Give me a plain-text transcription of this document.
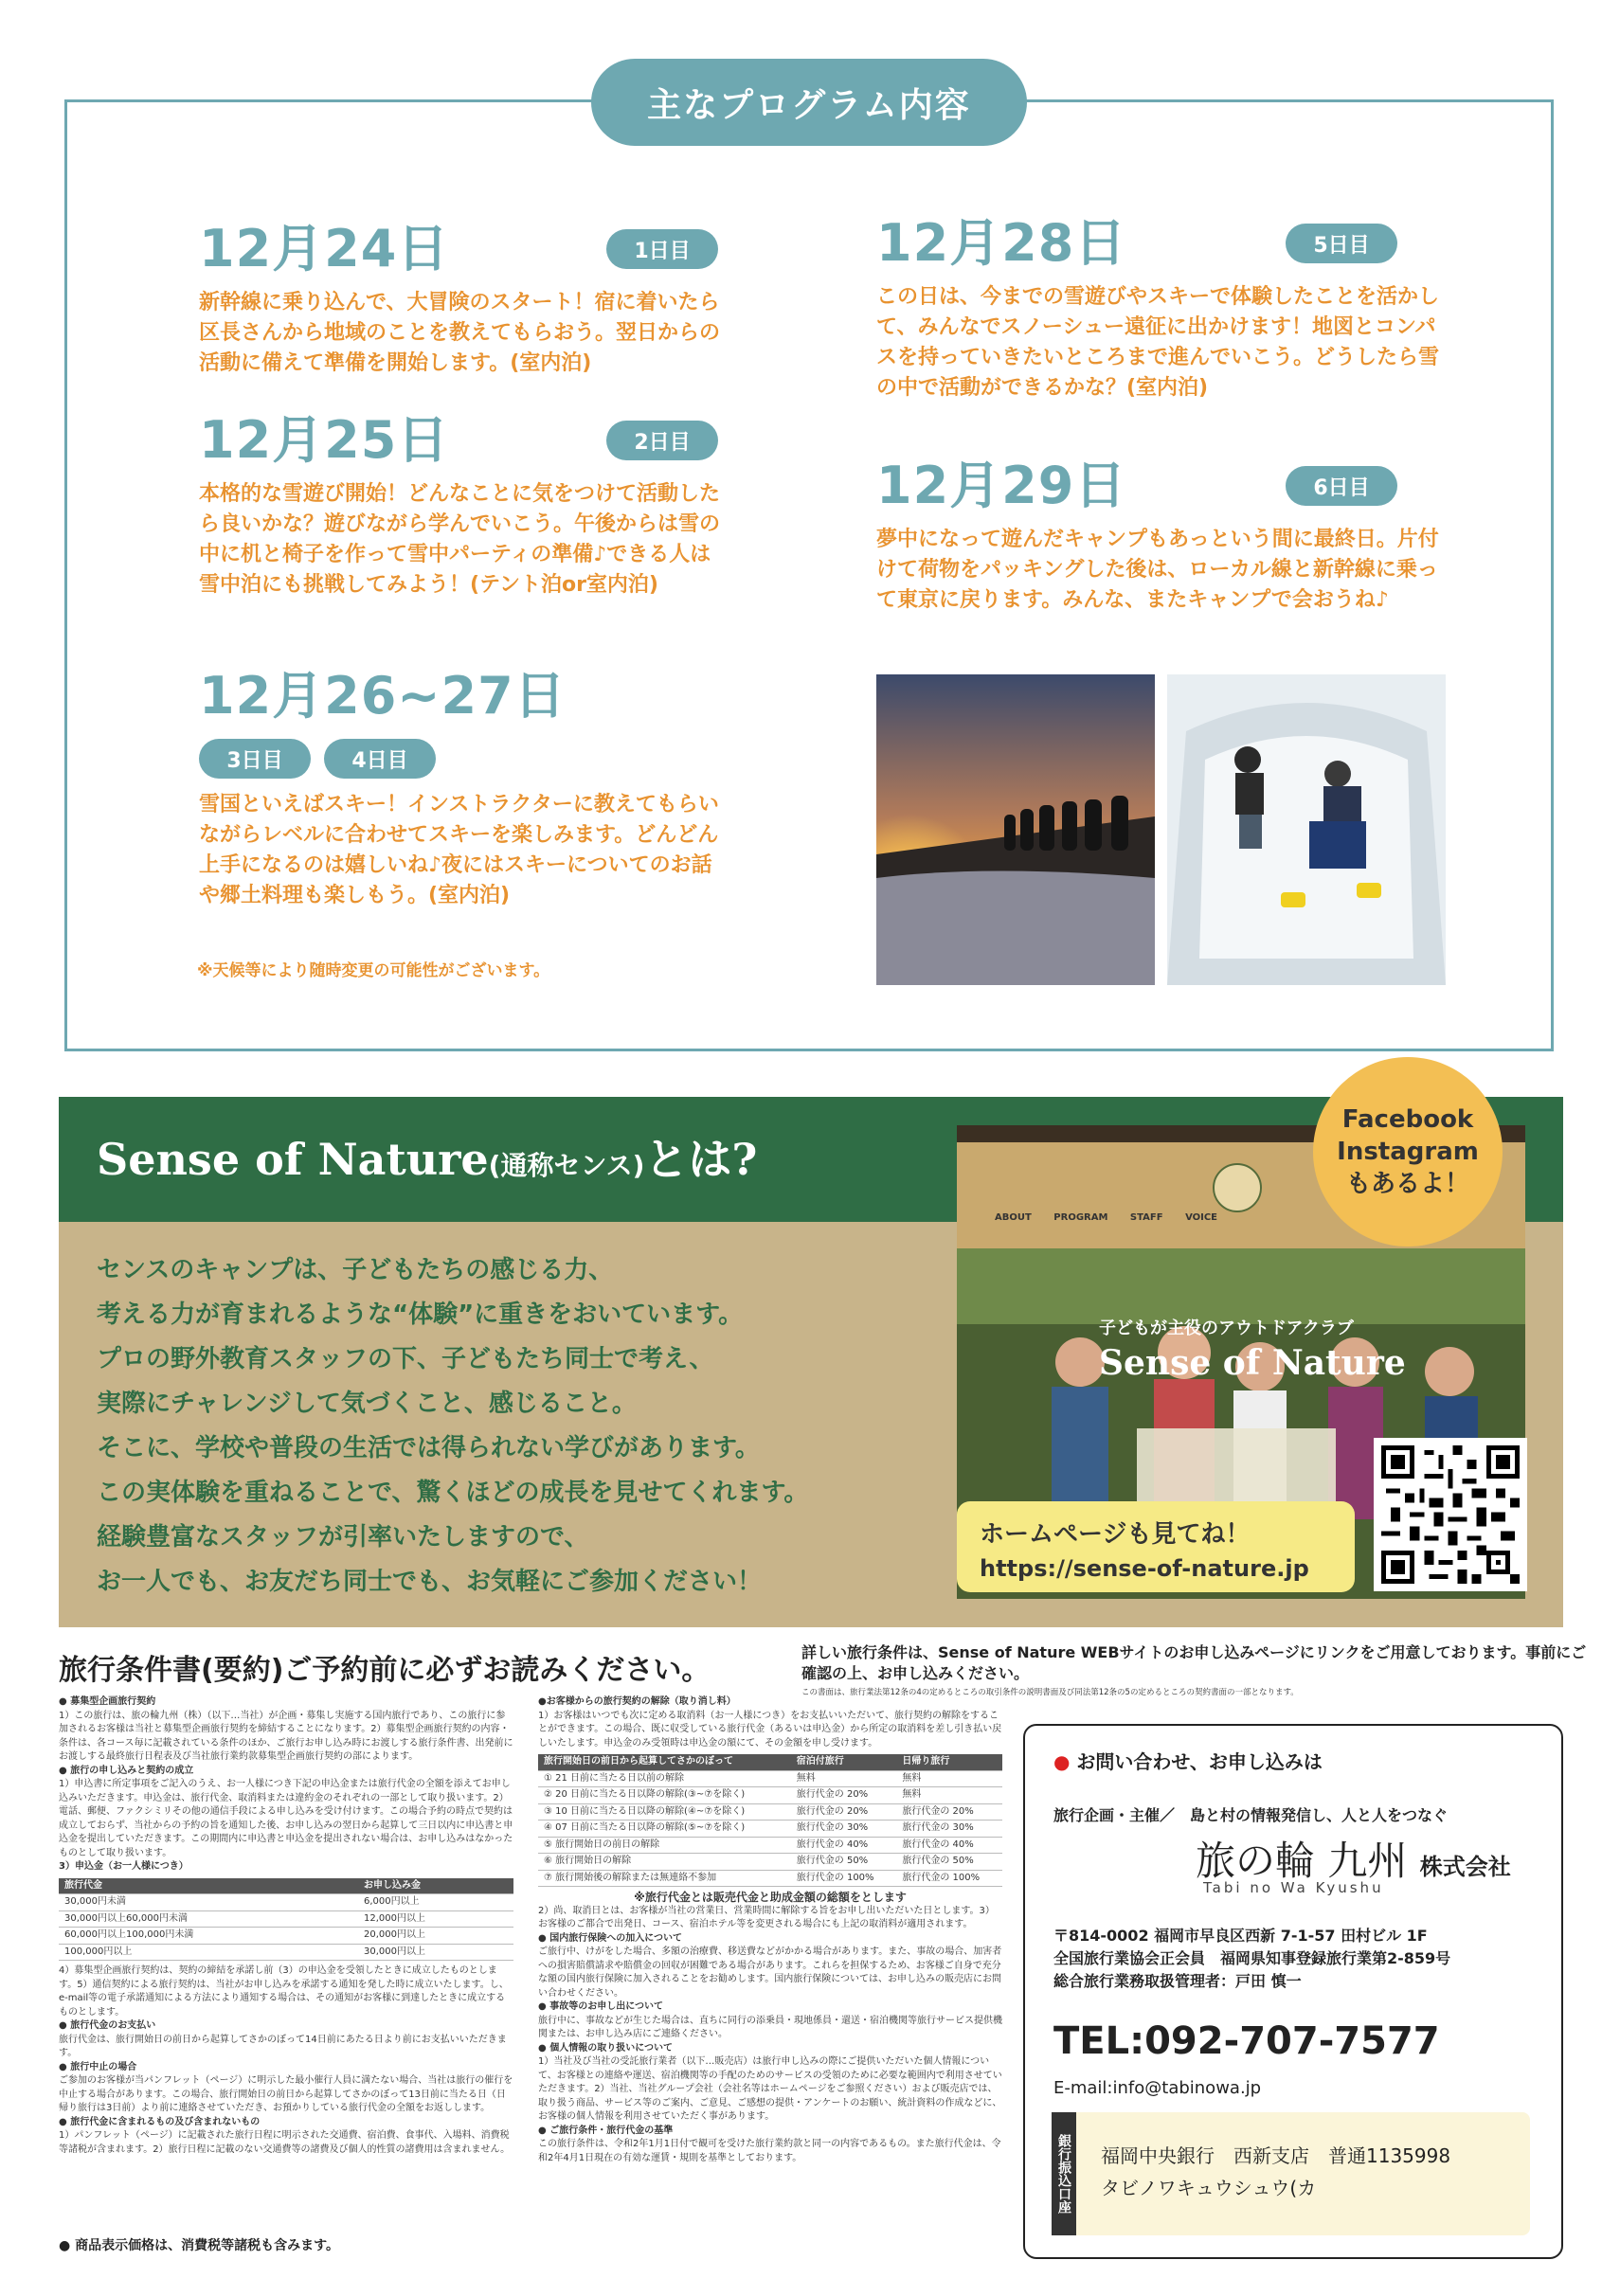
主なプログラム内容
12月24日	1日目
新幹線に乗り込んで、大冒険のスタート！宿に着いたら区長さんから地域のことを教えてもらおう。翌日からの活動に備えて準備を開始します。(室内泊)
12月25日	2日目
本格的な雪遊び開始！どんなことに気をつけて活動したら良いかな？遊びながら学んでいこう。午後からは雪の中に机と椅子を作って雪中パーティの準備♪できる人は雪中泊にも挑戦してみよう！(テント泊or室内泊)
12月26~27日
3日目	4日目
雪国といえばスキー！インストラクターに教えてもらいながらレベルに合わせてスキーを楽しみます。どんどん上手になるのは嬉しいね♪夜にはスキーについてのお話や郷土料理も楽しもう。(室内泊)
12月28日	5日目
この日は、今までの雪遊びやスキーで体験したことを活かして、みんなでスノーシュー遠征に出かけます！地図とコンパスを持っていきたいところまで進んでいこう。どうしたら雪の中で活動ができるかな？(室内泊)
12月29日	6日目
夢中になって遊んだキャンプもあっという間に最終日。片付けて荷物をパッキングした後は、ローカル線と新幹線に乗って東京に戻ります。みんな、またキャンプで会おうね♪
※天候等により随時変更の可能性がございます。
Sense of Nature(通称センス)とは?

センスのキャンプは、子どもたちの感じる力、

考える力が育まれるような“体験”に重きをおいています。

プロの野外教育スタッフの下、子どもたち同士で考え、

実際にチャレンジして気づくこと、感じること。

そこに、学校や普段の生活では得られない学びがあります。

この実体験を重ねることで、驚くほどの成長を見せてくれます。

経験豊富なスタッフが引率いたしますので、

お一人でも、お友だち同士でも、お気軽にご参加ください！

ABOUT PROGRAM STAFF VOICE
子どもが主役のアウトドアクラブ
Sense of Nature
Facebook
Instagram
もあるよ！
ホームページも見てね！
https://sense-of-nature.jp
旅行条件書(要約)ご予約前に必ずお読みください。
詳しい旅行条件は、Sense of Nature WEBサイトのお申し込みページにリンクをご用意しております。事前にご確認の上、お申し込みください。
この書面は、旅行業法第12条の4の定めるところの取引条件の説明書面及び同法第12条の5の定めるところの契約書面の一部となります。
● 募集型企画旅行契約
1）この旅行は、旅の輪九州（株）（以下…当社）が企画・募集し実施する国内旅行であり、この旅行に参加されるお客様は当社と募集型企画旅行契約を締結することになります。2）募集型企画旅行契約の内容・条件は、各コース毎に記載されている条件のほか、ご旅行お申し込み時にお渡しする旅行条件書、出発前にお渡しする最終旅行日程表及び当社旅行業約款募集型企画旅行契約の部によります。
● 旅行の申し込みと契約の成立
1）申込書に所定事項をご記入のうえ、お一人様につき下記の申込金または旅行代金の全額を添えてお申し込みいただきます。申込金は、旅行代金、取消料または違約金のそれぞれの一部として取り扱います。2）電話、郵便、ファクシミリその他の通信手段による申し込みを受け付けます。この場合予約の時点で契約は成立しておらず、当社からの予約の旨を通知した後、お申し込みの翌日から起算して三日以内に申込書と申込金を提出していただきます。この期間内に申込書と申込金を提出されない場合は、お申し込みはなかったものとして取り扱います。
3）申込金（お一人様につき）
旅行代金	お申し込み金
30,000円未満	6,000円以上
30,000円以上60,000円未満	12,000円以上
60,000円以上100,000円未満	20,000円以上
100,000円以上	30,000円以上
4）募集型企画旅行契約は、契約の締結を承諾し前（3）の申込金を受領したときに成立したものとします。5）通信契約による旅行契約は、当社がお申し込みを承諾する通知を発した時に成立いたします。し、e-mail等の電子承諾通知による方法により通知する場合は、その通知がお客様に到達したときに成立するものとします。
● 旅行代金のお支払い
旅行代金は、旅行開始日の前日から起算してさかのぼって14日前にあたる日より前にお支払いいただきます。
● 旅行中止の場合
ご参加のお客様が当パンフレット（ページ）に明示した最小催行人員に満たない場合、当社は旅行の催行を中止する場合があります。この場合、旅行開始日の前日から起算してさかのぼって13日前に当たる日（日帰り旅行は3日前）より前に連絡させていただき、お預かりしている旅行代金の全額をお返しします。
● 旅行代金に含まれるもの及び含まれないもの
1）パンフレット（ページ）に記載された旅行日程に明示された交通費、宿泊費、食事代、入場料、消費税等諸税が含まれます。2）旅行日程に記載のない交通費等の諸費及び個人的性質の諸費用は含まれません。
● 商品表示価格は、消費税等諸税も含みます。
●お客様からの旅行契約の解除（取り消し料）
1）お客様はいつでも次に定める取消料（お一人様につき）をお支払いいただいて、旅行契約の解除をすることができます。この場合、既に収受している旅行代金（あるいは申込金）から所定の取消料を差し引き払い戻しいたします。申込金のみ受領時は申込金の額にて、その金額を申し受けます。
旅行開始日の前日から起算してさかのぼって	宿泊付旅行	日帰り旅行
① 21 日前に当たる日以前の解除	無料	無料
② 20 日前に当たる日以降の解除(③~⑦を除く)	旅行代金の 20%	無料
③ 10 日前に当たる日以降の解除(④~⑦を除く)	旅行代金の 20%	旅行代金の 20%
④ 07 日前に当たる日以降の解除(⑤~⑦を除く)	旅行代金の 30%	旅行代金の 30%
⑤ 旅行開始日の前日の解除	旅行代金の 40%	旅行代金の 40%
⑥ 旅行開始日の解除	旅行代金の 50%	旅行代金の 50%
⑦ 旅行開始後の解除または無連絡不参加	旅行代金の 100%	旅行代金の 100%
※旅行代金とは販売代金と助成金額の総額をとします
2）尚、取消日とは、お客様が当社の営業日、営業時間に解除する旨をお申し出いただいた日とします。3）お客様のご都合で出発日、コース、宿泊ホテル等を変更される場合にも上記の取消料が適用されます。
● 国内旅行保険への加入について
ご旅行中、けがをした場合、多額の治療費、移送費などがかかる場合があります。また、事故の場合、加害者への損害賠償請求や賠償金の回収が困難である場合があります。これらを担保するため、お客様ご自身で充分な額の国内旅行保険に加入されることをお勧めします。国内旅行保険については、お申し込みの販売店にお問い合わせください。
● 事故等のお申し出について
旅行中に、事故などが生じた場合は、直ちに同行の添乗員・現地係員・還送・宿泊機関等旅行サービス提供機関または、お申し込み店にご連絡ください。
● 個人情報の取り扱いについて
1）当社及び当社の受託旅行業者（以下…販売店）は旅行申し込みの際にご提供いただいた個人情報について、お客様との連絡や運送、宿泊機関等の手配のためのサービスの受領のために必要な範囲内で利用させていただきます。2）当社、当社グループ会社（会社名等はホームページをご参照ください）および販売店では、取り扱う商品、サービス等のご案内、ご意見、ご感想の提供・アンケートのお願い、統計資料の作成などに、お客様の個人情報を利用させていただく事があります。
● ご旅行条件・旅行代金の基準
この旅行条件は、令和2年1月1日付で観可を受けた旅行業約款と同一の内容であるもの。また旅行代金は、令和2年4月1日現在の有効な運賃・規則を基準としております。
● お問い合わせ、お申し込みは
旅行企画・主催／　 島と村の情報発信し、人と人をつなぐ
旅の輪 九州 株式会社
Tabi no Wa Kyushu
〒814-0002 福岡市早良区西新 7-1-57 田村ビル 1F
全国旅行業協会正会員　福岡県知事登録旅行業第2-859号
総合旅行業務取扱管理者：戸田 慎一
TEL:092-707-7577
E-mail:info@tabinowa.jp
銀行振込口座 福岡中央銀行　西新支店　普通1135998
タビノワキュウシュウ(カ
